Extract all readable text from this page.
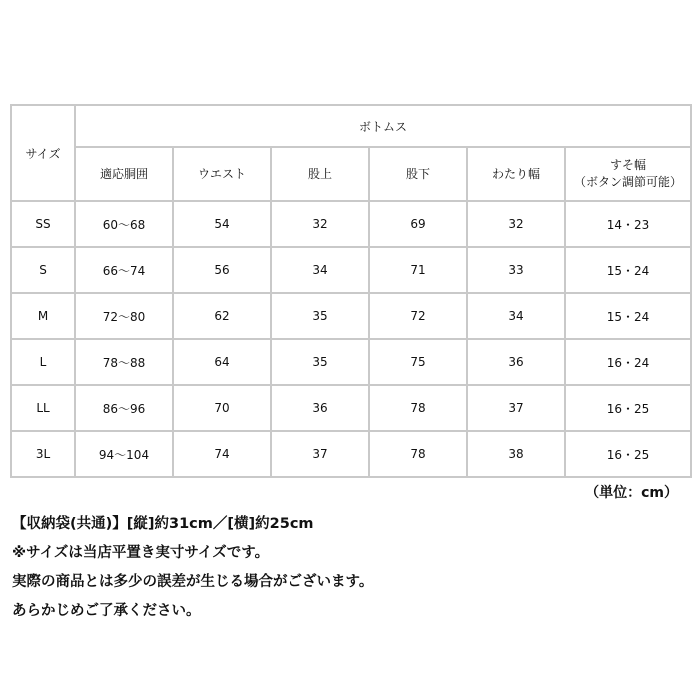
サイズ	ボトムス					
	適応胴囲	ウエスト	股上	股下	わたり幅	すそ幅
（ボタン調節可能）
SS	60〜68	54	32	69	32	14・23
S	66〜74	56	34	71	33	15・24
M	72〜80	62	35	72	34	15・24
L	78〜88	64	35	75	36	16・24
LL	86〜96	70	36	78	37	16・25
3L	94〜104	74	37	78	38	16・25
（単位：cm）
【収納袋(共通)】[縦]約31cm／[横]約25cm
※サイズは当店平置き実寸サイズです。
実際の商品とは多少の誤差が生じる場合がございます。
あらかじめご了承ください。
